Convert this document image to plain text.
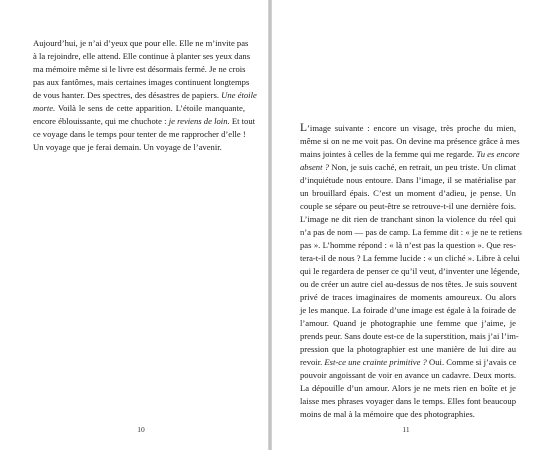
Aujourd’hui, je n’ai d’yeux que pour elle. Elle ne m’invite pas
à la rejoindre, elle attend. Elle continue à planter ses yeux dans
ma mémoire même si le livre est désormais fermé. Je ne crois
pas aux fantômes, mais certaines images continuent longtemps
de vous hanter. Des spectres, des désastres de papiers. Une étoile
morte. Voilà le sens de cette apparition. L’étoile manquante,
encore éblouissante, qui me chuchote : je reviens de loin. Et tout
ce voyage dans le temps pour tenter de me rapprocher d’elle !
Un voyage que je ferai demain. Un voyage de l’avenir.
10
L’image suivante : encore un visage, très proche du mien,
même si on ne me voit pas. On devine ma présence grâce à mes
mains jointes à celles de la femme qui me regarde. Tu es encore
absent ? Non, je suis caché, en retrait, un peu triste. Un climat
d’inquiétude nous entoure. Dans l’image, il se matérialise par
un brouillard épais. C’est un moment d’adieu, je pense. Un
couple se sépare ou peut-être se retrouve-t-il une dernière fois.
L’image ne dit rien de tranchant sinon la violence du réel qui
n’a pas de nom — pas de camp. La femme dit : « je ne te retiens
pas ». L’homme répond : « là n’est pas la question ». Que res-
tera-t-il de nous ? La femme lucide : « un cliché ». Libre à celui
qui le regardera de penser ce qu’il veut, d’inventer une légende,
ou de créer un autre ciel au-dessus de nos têtes. Je suis souvent
privé de traces imaginaires de moments amoureux. Ou alors
je les manque. La foirade d’une image est égale à la foirade de
l’amour. Quand je photographie une femme que j’aime, je
prends peur. Sans doute est-ce de la superstition, mais j’ai l’im-
pression que la photographier est une manière de lui dire au
revoir. Est-ce une crainte primitive ? Oui. Comme si j’avais ce
pouvoir angoissant de voir en avance un cadavre. Deux morts.
La dépouille d’un amour. Alors je ne mets rien en boîte et je
laisse mes phrases voyager dans le temps. Elles font beaucoup
moins de mal à la mémoire que des photographies.
11
